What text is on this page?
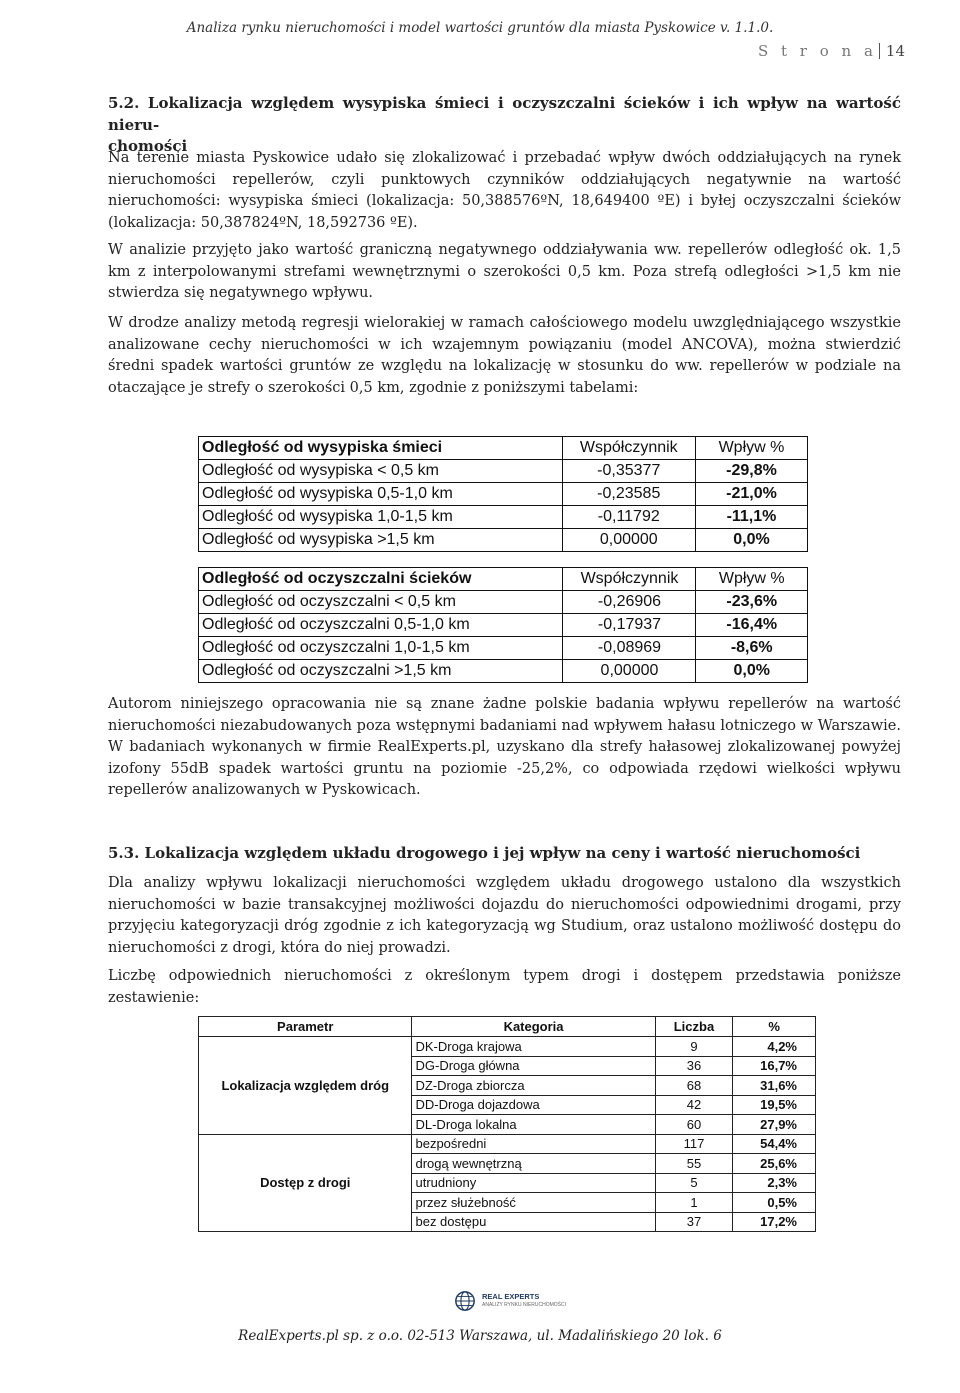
Analiza rynku nieruchomości i model wartości gruntów dla miasta Pyskowice v. 1.1.0.
S t r o n a 14
5.2. Lokalizacja względem wysypiska śmieci i oczyszczalni ścieków i ich wpływ na wartość nieru-
chomości

Na terenie miasta Pyskowice udało się zlokalizować i przebadać wpływ dwóch oddziałujących na rynek nieruchomości repellerów, czyli punktowych czynników oddziałujących negatywnie na wartość nieruchomości: wysypiska śmieci (lokalizacja: 50,388576ºN, 18,649400 ºE) i byłej oczyszczalni ścieków (lokalizacja: 50,387824ºN, 18,592736 ºE).

W analizie przyjęto jako wartość graniczną negatywnego oddziaływania ww. repellerów odległość ok. 1,5 km z interpolowanymi strefami wewnętrznymi o szerokości 0,5 km. Poza strefą odległości >1,5 km nie stwierdza się negatywnego wpływu.

W drodze analizy metodą regresji wielorakiej w ramach całościowego modelu uwzględniającego wszystkie analizowane cechy nieruchomości w ich wzajemnym powiązaniu (model ANCOVA), można stwierdzić średni spadek wartości gruntów ze względu na lokalizację w stosunku do ww. repellerów w podziale na otaczające je strefy o szerokości 0,5 km, zgodnie z poniższymi tabelami:

Odległość od wysypiska śmieci	Współczynnik	Wpływ %
Odległość od wysypiska < 0,5 km	-0,35377	-29,8%
Odległość od wysypiska 0,5-1,0 km	-0,23585	-21,0%
Odległość od wysypiska 1,0-1,5 km	-0,11792	-11,1%
Odległość od wysypiska >1,5 km	0,00000	0,0%
Odległość od oczyszczalni ścieków	Współczynnik	Wpływ %
Odległość od oczyszczalni < 0,5 km	-0,26906	-23,6%
Odległość od oczyszczalni 0,5-1,0 km	-0,17937	-16,4%
Odległość od oczyszczalni 1,0-1,5 km	-0,08969	-8,6%
Odległość od oczyszczalni >1,5 km	0,00000	0,0%

Autorom niniejszego opracowania nie są znane żadne polskie badania wpływu repellerów na wartość nieruchomości niezabudowanych poza wstępnymi badaniami nad wpływem hałasu lotniczego w Warszawie. W badaniach wykonanych w firmie RealExperts.pl, uzyskano dla strefy hałasowej zlokalizowanej powyżej izofony 55dB spadek wartości gruntu na poziomie -25,2%, co odpowiada rzędowi wielkości wpływu repellerów analizowanych w Pyskowicach.

5.3. Lokalizacja względem układu drogowego i jej wpływ na ceny i wartość nieruchomości

Dla analizy wpływu lokalizacji nieruchomości względem układu drogowego ustalono dla wszystkich nieruchomości w bazie transakcyjnej możliwości dojazdu do nieruchomości odpowiednimi drogami, przy przyjęciu kategoryzacji dróg zgodnie z ich kategoryzacją wg Studium, oraz ustalono możliwość dostępu do nieruchomości z drogi, która do niej prowadzi.

Liczbę odpowiednich nieruchomości z określonym typem drogi i dostępem przedstawia poniższe zestawienie:

Parametr	Kategoria	Liczba	%
Lokalizacja względem dróg	DK-Droga krajowa	9	4,2%
	DG-Droga główna	36	16,7%
	DZ-Droga zbiorcza	68	31,6%
	DD-Droga dojazdowa	42	19,5%
	DL-Droga lokalna	60	27,9%
Dostęp z drogi	bezpośredni	117	54,4%
	drogą wewnętrzną	55	25,6%
	utrudniony	5	2,3%
	przez służebność	1	0,5%
	bez dostępu	37	17,2%
REAL EXPERTS
ANALIZY RYNKU NIERUCHOMOŚCI
RealExperts.pl sp. z o.o. 02-513 Warszawa, ul. Madalińskiego 20 lok. 6
